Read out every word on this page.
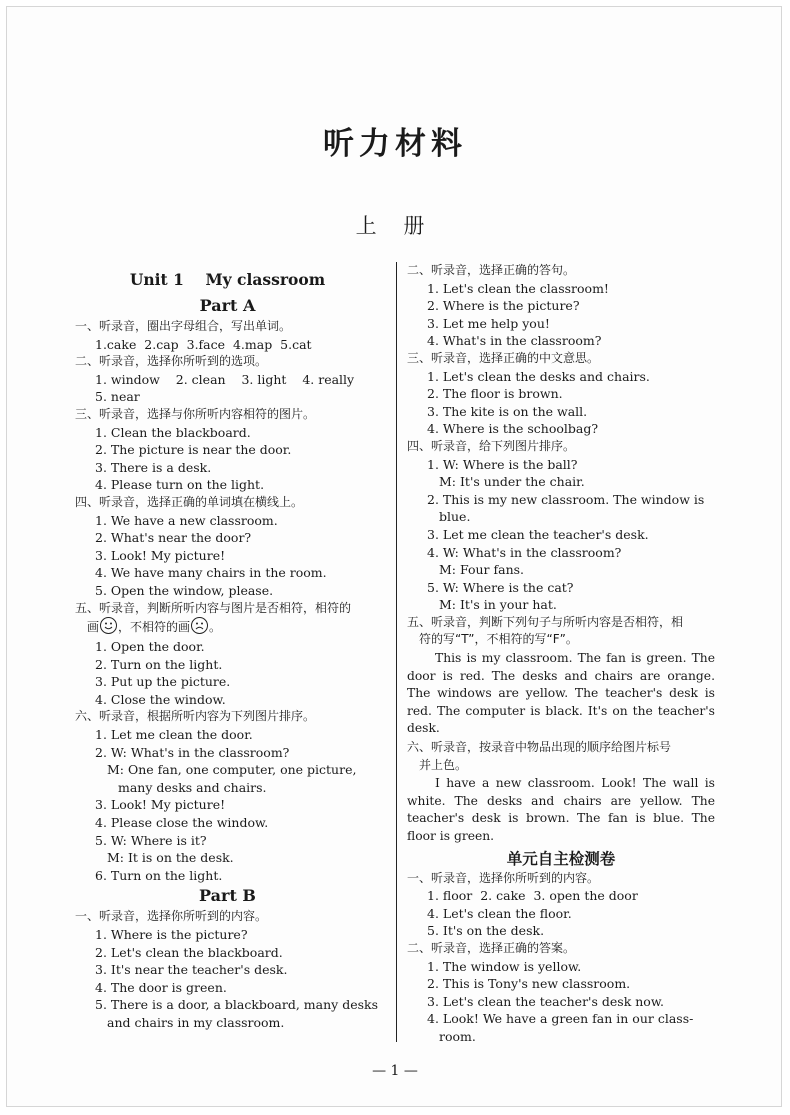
听力材料
上 册
Unit 1    My classroom
Part A
一、听录音，圈出字母组合，写出单词。
1.cake  2.cap  3.face  4.map  5.cat
二、听录音，选择你所听到的选项。
1. window    2. clean    3. light    4. really
5. near
三、听录音，选择与你所听内容相符的图片。
1. Clean the blackboard.
2. The picture is near the door.
3. There is a desk.
4. Please turn on the light.
四、听录音，选择正确的单词填在横线上。
1. We have a new classroom.
2. What's near the door?
3. Look! My picture!
4. We have many chairs in the room.
5. Open the window, please.
五、听录音，判断所听内容与图片是否相符，相符的
画 ，不相符的画 。
1. Open the door.
2. Turn on the light.
3. Put up the picture.
4. Close the window.
六、听录音，根据所听内容为下列图片排序。
1. Let me clean the door.
2. W: What's in the classroom?
M: One fan, one computer, one picture,
many desks and chairs.
3. Look! My picture!
4. Please close the window.
5. W: Where is it?
M: It is on the desk.
6. Turn on the light.
Part B
一、听录音，选择你所听到的内容。
1. Where is the picture?
2. Let's clean the blackboard.
3. It's near the teacher's desk.
4. The door is green.
5. There is a door, a blackboard, many desks
and chairs in my classroom.
二、听录音，选择正确的答句。
1. Let's clean the classroom!
2. Where is the picture?
3. Let me help you!
4. What's in the classroom?
三、听录音，选择正确的中文意思。
1. Let's clean the desks and chairs.
2. The floor is brown.
3. The kite is on the wall.
4. Where is the schoolbag?
四、听录音，给下列图片排序。
1. W: Where is the ball?
M: It's under the chair.
2. This is my new classroom. The window is
blue.
3. Let me clean the teacher's desk.
4. W: What's in the classroom?
M: Four fans.
5. W: Where is the cat?
M: It's in your hat.
五、听录音，判断下列句子与所听内容是否相符，相
符的写“T”，不相符的写“F”。
This is my classroom. The fan is green. The door is red. The desks and chairs are orange. The windows are yellow. The teacher's desk is red. The computer is black. It's on the teacher's desk.
六、听录音，按录音中物品出现的顺序给图片标号
并上色。
I have a new classroom. Look! The wall is white. The desks and chairs are yellow. The teacher's desk is brown. The fan is blue. The floor is green.
单元自主检测卷
一、听录音，选择你所听到的内容。
1. floor  2. cake  3. open the door
4. Let's clean the floor.
5. It's on the desk.
二、听录音，选择正确的答案。
1. The window is yellow.
2. This is Tony's new classroom.
3. Let's clean the teacher's desk now.
4. Look! We have a green fan in our class-
room.
— 1 —
